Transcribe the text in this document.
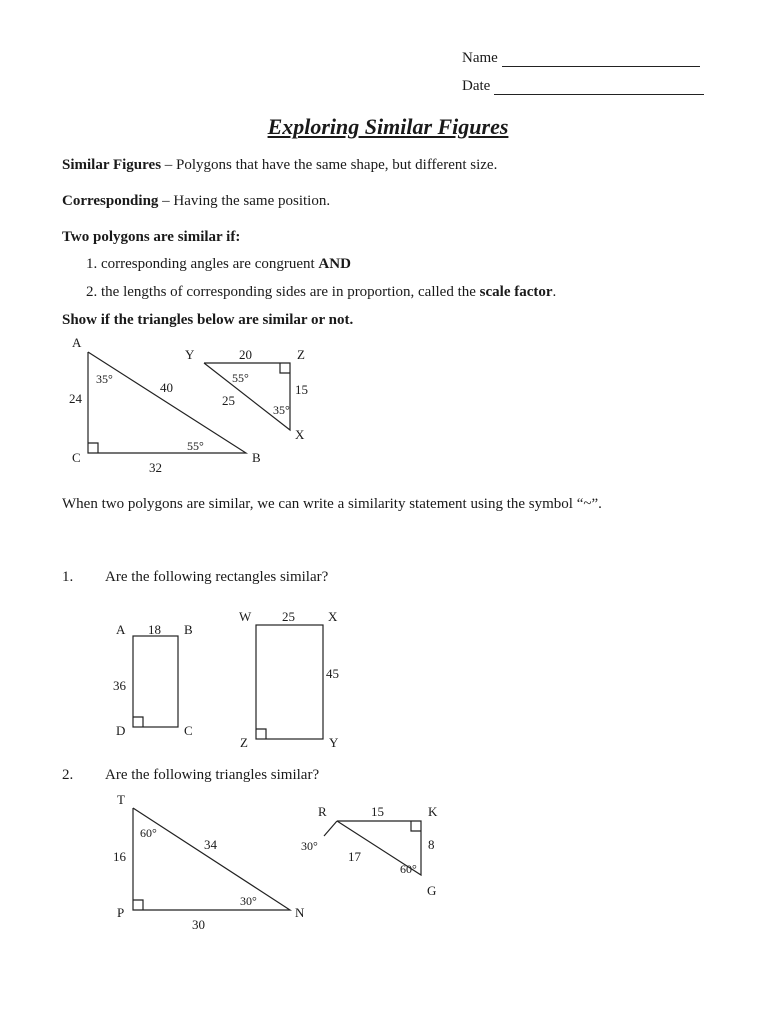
Name
Date
Exploring Similar Figures
Similar Figures – Polygons that have the same shape, but different size.
Corresponding – Having the same position.
Two polygons are similar if:
1. corresponding angles are congruent AND
2. the lengths of corresponding sides are in proportion, called the scale factor.
Show if the triangles below are similar or not.
A
B
C
24
32
40
35°
55°
Y	Z
X
20
15
25
55°
35°
A	B
C
D
18
36
W	X
Y
Z
25
45
T
P	N
16
30
34
60°
30°
R	K
G
15
8
17
30°
60°
When two polygons are similar, we can write a similarity statement using the symbol “~”.
1. Are the following rectangles similar?
2. Are the following triangles similar?
